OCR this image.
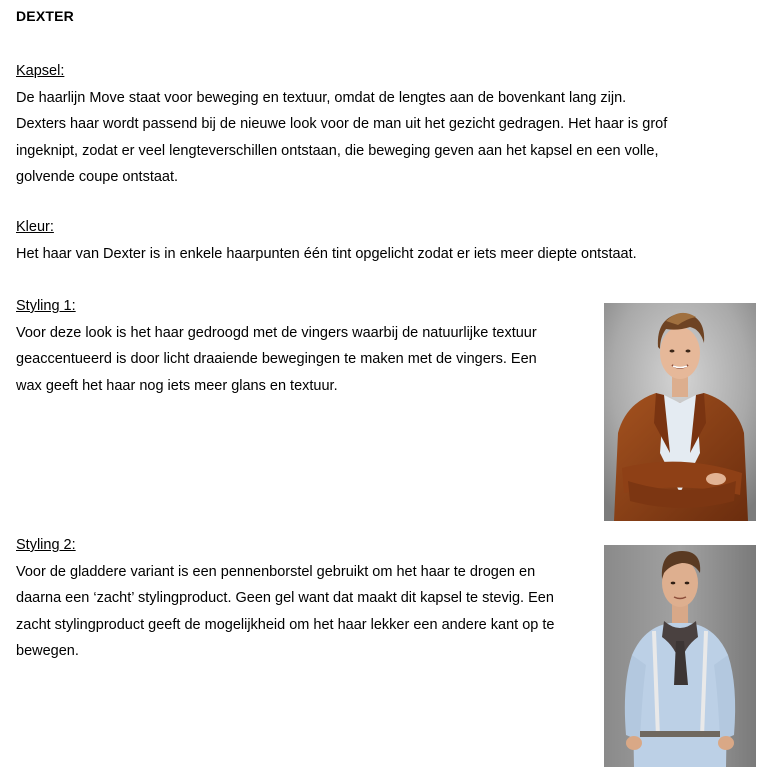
DEXTER
Kapsel:
De haarlijn Move staat voor beweging en textuur, omdat de lengtes aan de bovenkant lang zijn.
Dexters haar wordt passend bij de nieuwe look voor de man uit het gezicht gedragen. Het haar is grof
ingeknipt, zodat er veel lengteverschillen ontstaan, die beweging geven aan het kapsel en een volle,
golvende coupe ontstaat.
Kleur:
Het haar van Dexter is in enkele haarpunten één tint opgelicht zodat er iets meer diepte ontstaat.
Styling 1:
Voor deze look is het haar gedroogd met de vingers waarbij de natuurlijke textuur
geaccentueerd is door licht draaiende bewegingen te maken met de vingers. Een
wax geeft het haar nog iets meer glans en textuur.
Styling 2:
Voor de gladdere variant is een pennenborstel gebruikt om het haar te drogen en
daarna een ‘zacht’ stylingproduct. Geen gel want dat maakt dit kapsel te stevig. Een
zacht stylingproduct geeft de mogelijkheid om het haar lekker een andere kant op te
bewegen.
